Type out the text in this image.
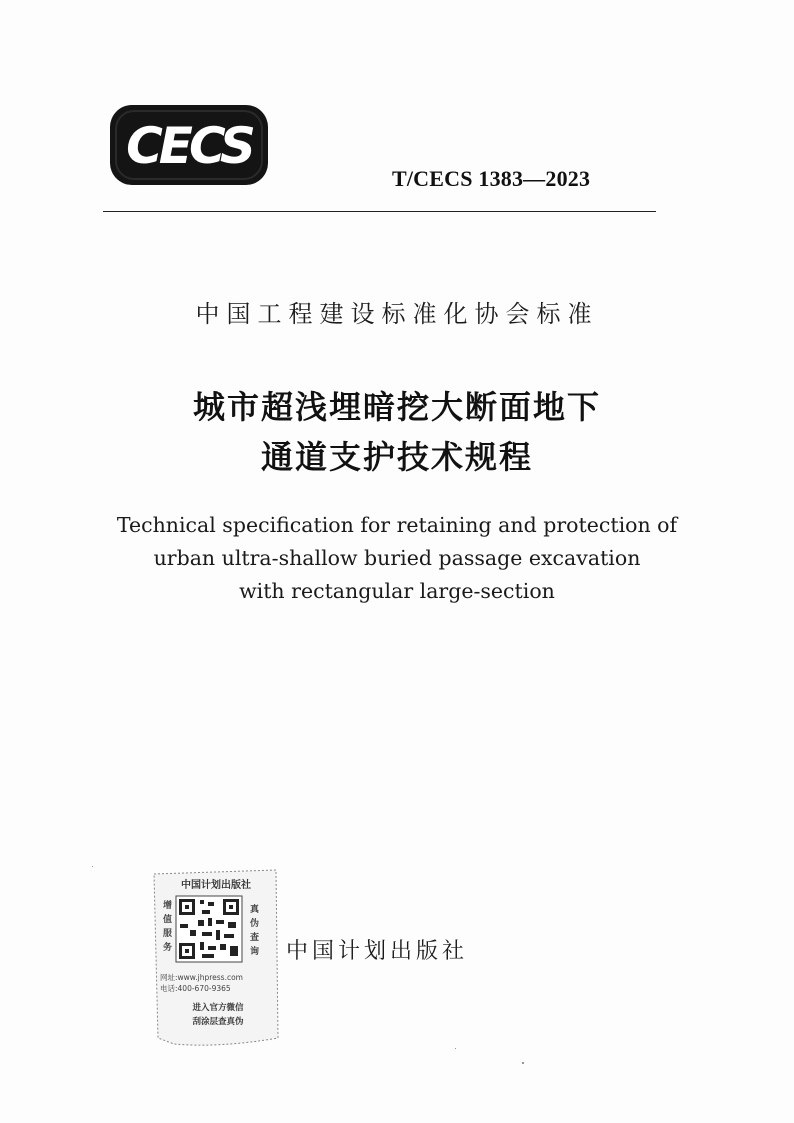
CECS
T/CECS 1383—2023
中国工程建设标准化协会标准
城市超浅埋暗挖大断面地下
通道支护技术规程
Technical specification for retaining and protection of
urban ultra-shallow buried passage excavation
with rectangular large-section
中国计划出版社
增
值
服
务
真
伪
查
询
网址:www.jhpress.com
电话:400-670-9365
进入官方微信
刮涂层查真伪
中国计划出版社
